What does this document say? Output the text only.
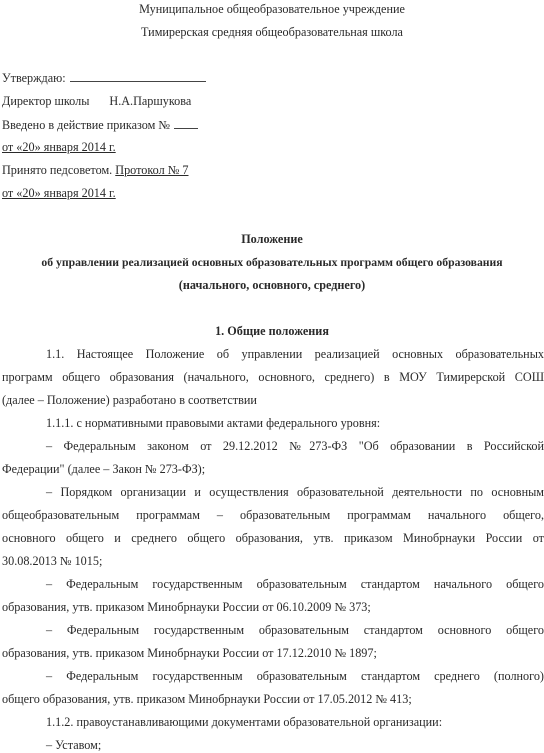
Муниципальное общеобразовательное учреждение
Тимирерская средняя общеобразовательная школа
Утверждаю:
Директор школы Н.А.Паршукова
Введено в действие приказом №
от «20» января 2014 г.
Принято педсоветом. Протокол № 7
от «20» января 2014 г.
Положение
об управлении реализацией основных образовательных программ общего образования
(начального, основного, среднего)
1. Общие положения
1.1. Настоящее Положение об управлении реализацией основных образовательных
программ общего образования (начального, основного, среднего) в МОУ Тимирерской СОШ
(далее – Положение) разработано в соответствии
1.1.1. с нормативными правовыми актами федерального уровня:
– Федеральным законом от 29.12.2012 №273-ФЗ "Об образовании в Российской
Федерации" (далее – Закон № 273-ФЗ);
– Порядком организации и осуществления образовательной деятельности по основным
общеобразовательным программам – образовательным программам начального общего,
основного общего и среднего общего образования, утв. приказом Минобрнауки России от
30.08.2013 № 1015;
– Федеральным государственным образовательным стандартом начального общего
образования, утв. приказом Минобрнауки России от 06.10.2009 № 373;
– Федеральным государственным образовательным стандартом основного общего
образования, утв. приказом Минобрнауки России от 17.12.2010 № 1897;
– Федеральным государственным образовательным стандартом среднего (полного)
общего образования, утв. приказом Минобрнауки России от 17.05.2012 № 413;
1.1.2. правоустанавливающими документами образовательной организации:
– Уставом;
